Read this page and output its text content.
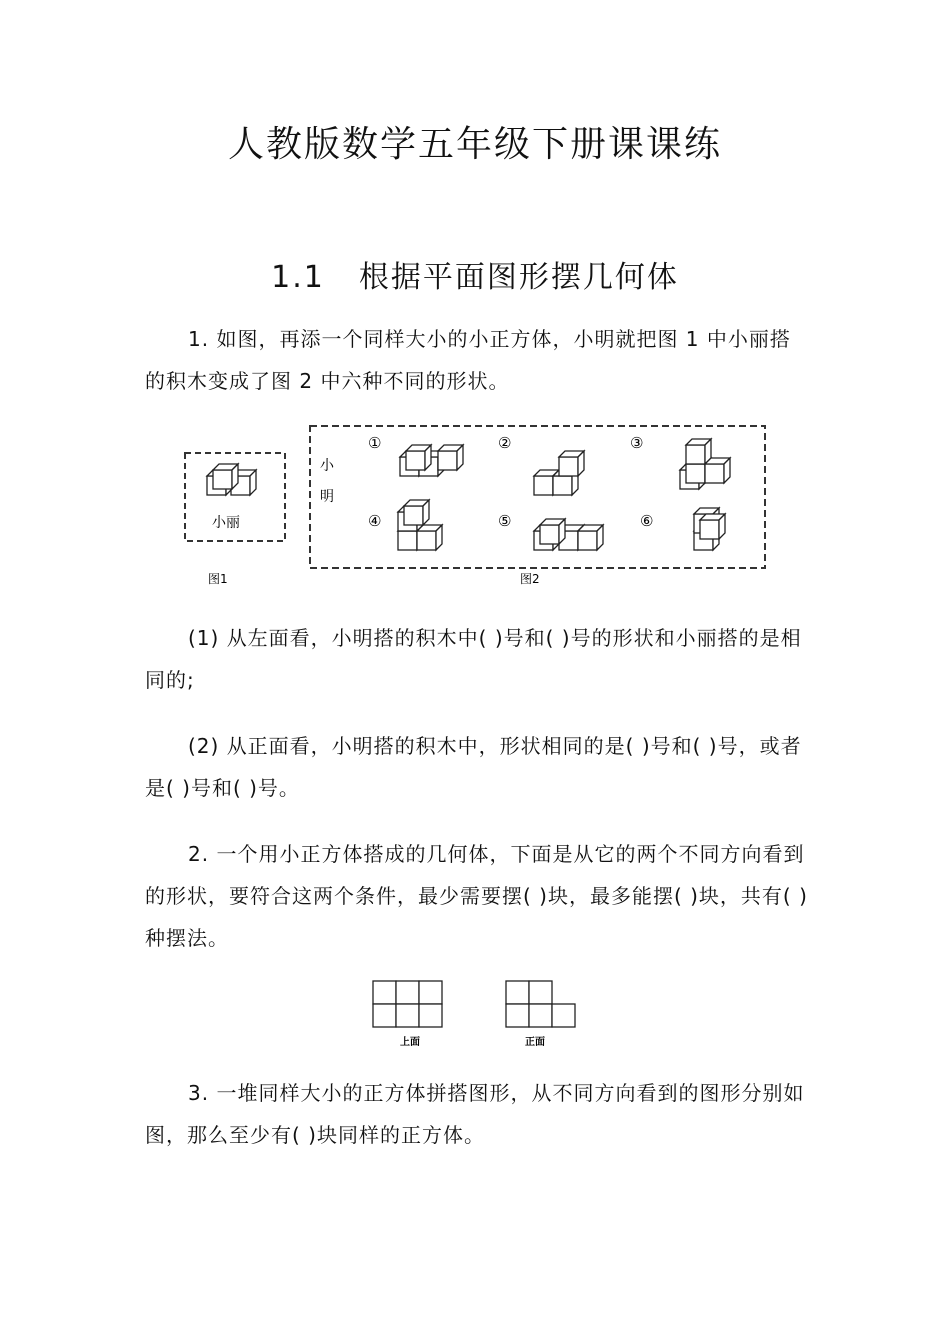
人教版数学五年级下册课课练
1.1 根据平面图形摆几何体
1. 如图，再添一个同样大小的小正方体，小明就把图 1 中小丽搭的积木变成了图 2 中六种不同的形状。
小丽
图1
小
明
①	②	③
④	⑤	⑥
图2
(1) 从左面看，小明搭的积木中( )号和( )号的形状和小丽搭的是相同的;
(2) 从正面看，小明搭的积木中，形状相同的是( )号和( )号，或者是( )号和( )号。
2. 一个用小正方体搭成的几何体，下面是从它的两个不同方向看到的形状，要符合这两个条件，最少需要摆( )块，最多能摆( )块，共有( )种摆法。
上面	正面
3. 一堆同样大小的正方体拼搭图形，从不同方向看到的图形分别如图，那么至少有( )块同样的正方体。
